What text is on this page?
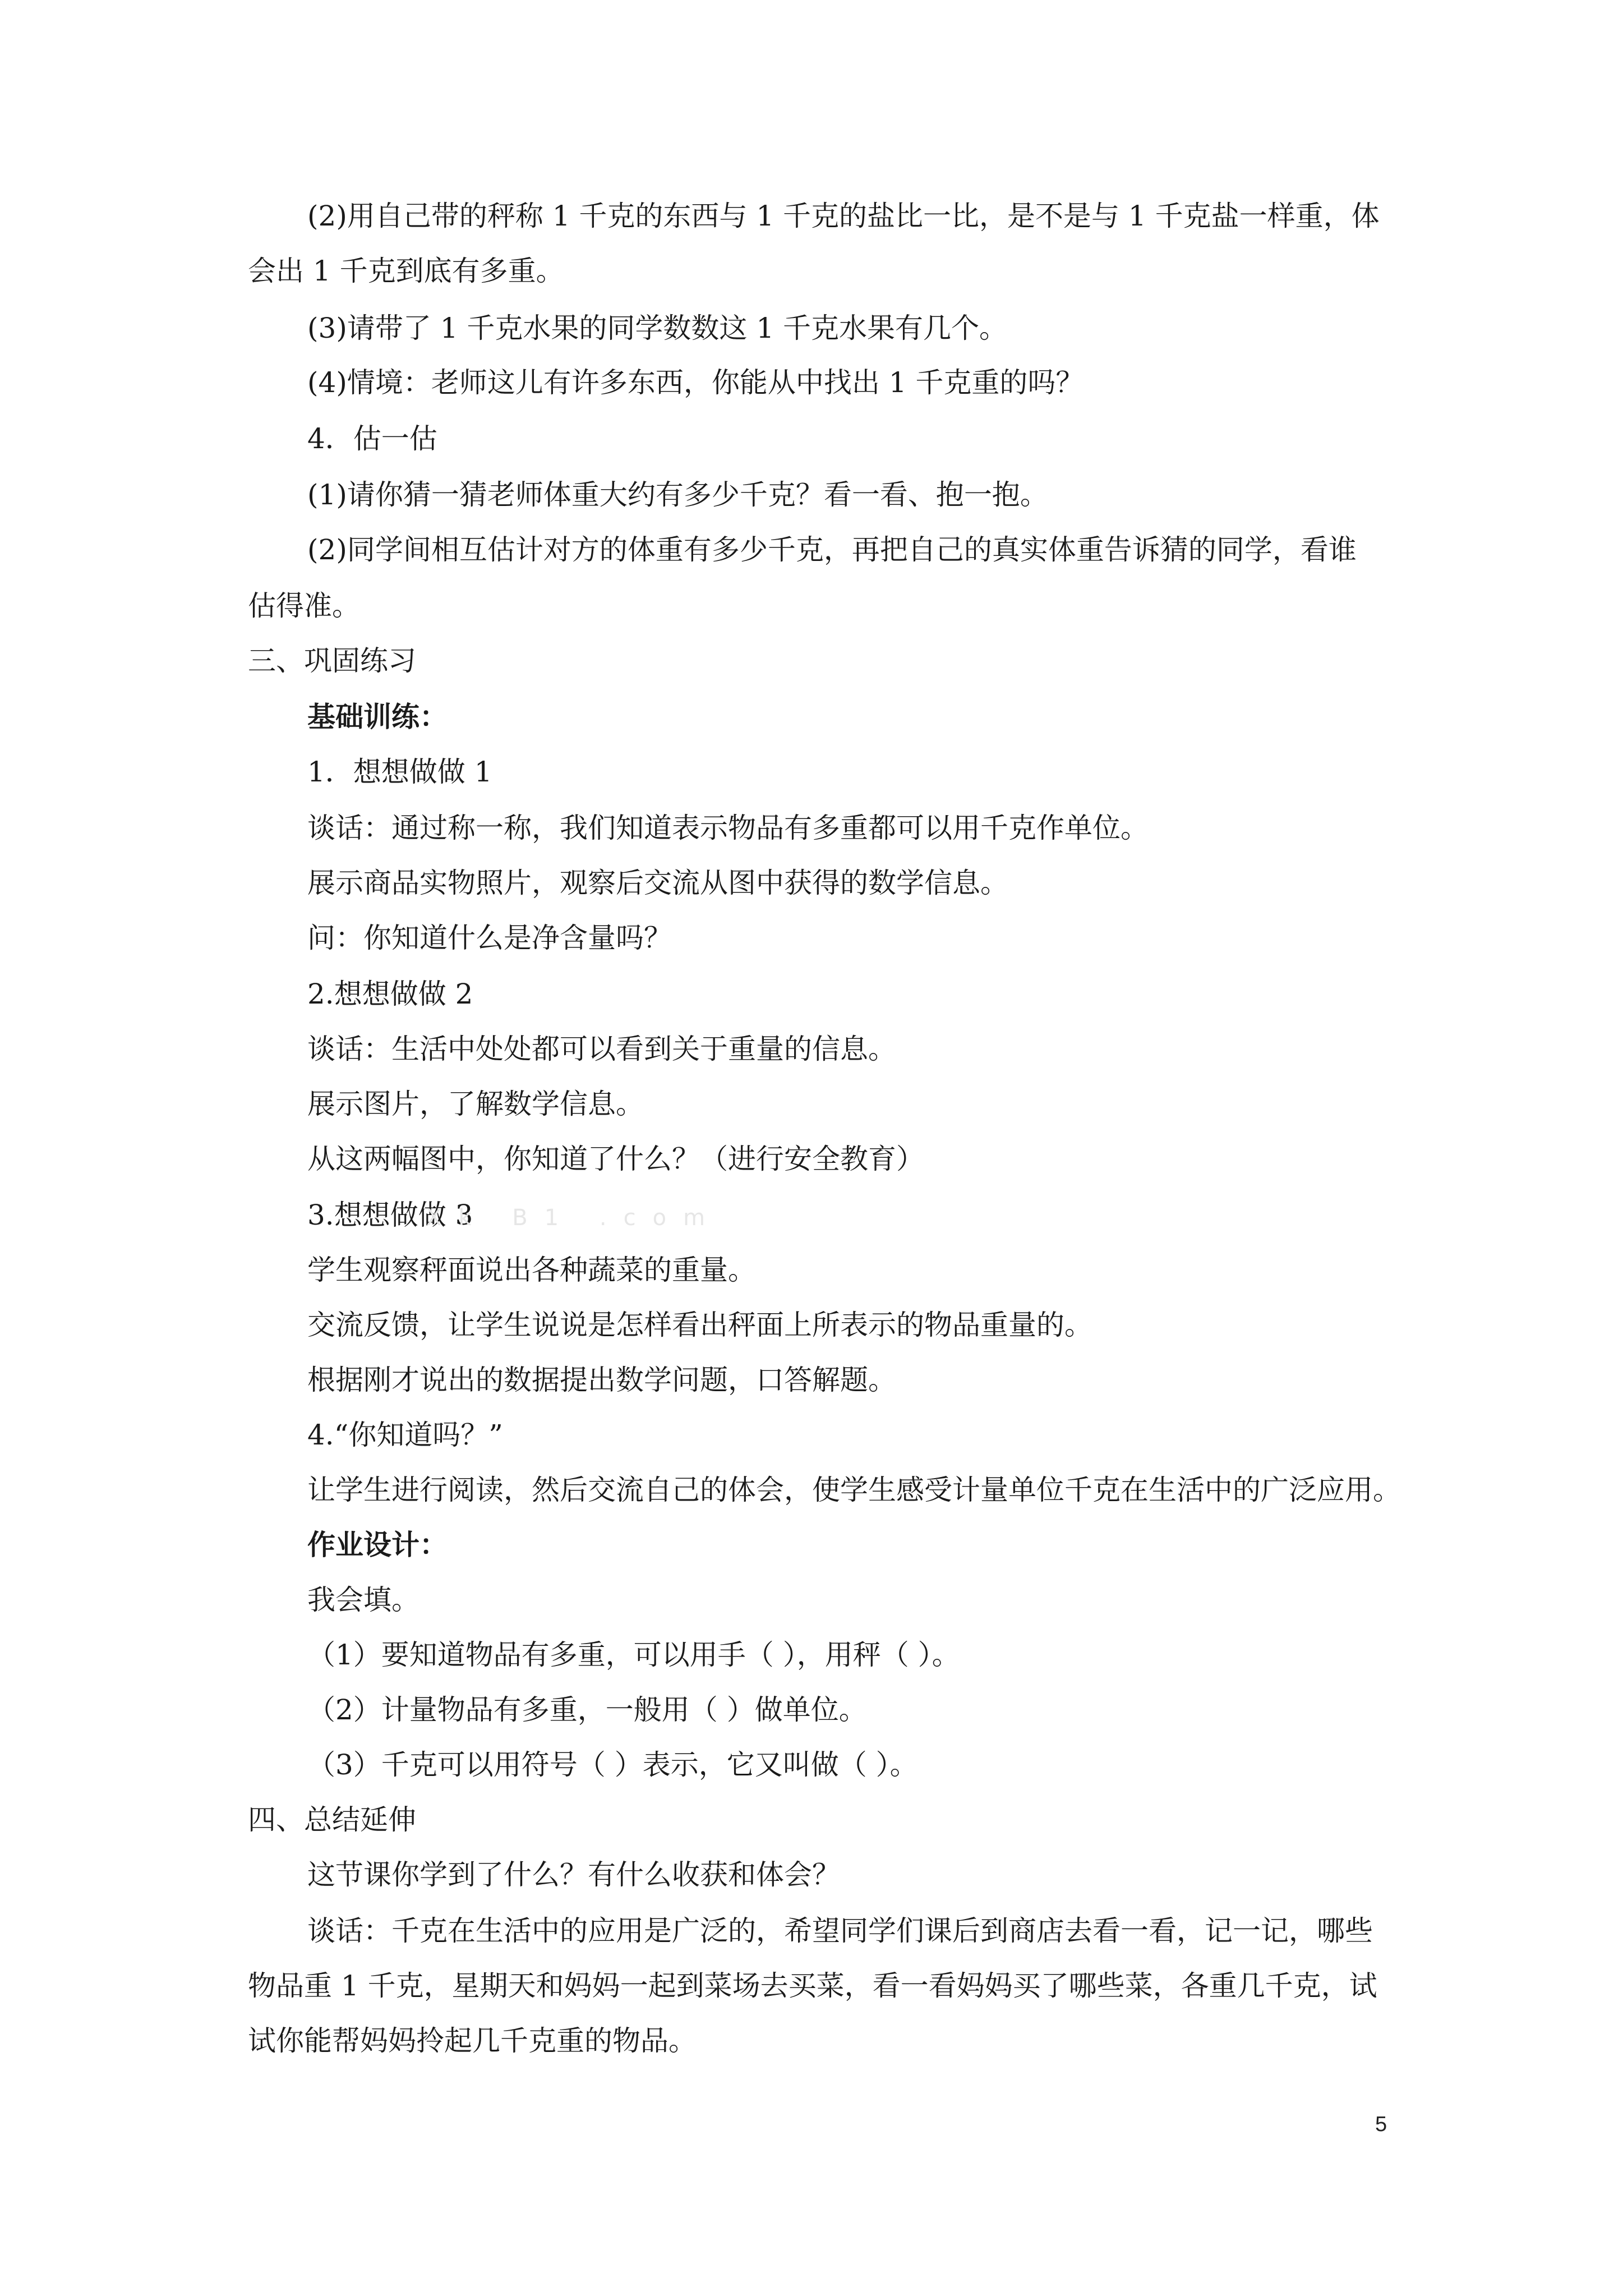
(2)用自己带的秤称 1 千克的东西与 1 千克的盐比一比，是不是与 1 千克盐一样重，体
会出 1 千克到底有多重。
(3)请带了 1 千克水果的同学数数这 1 千克水果有几个。
(4)情境：老师这儿有许多东西，你能从中找出 1 千克重的吗？
4．估一估
(1)请你猜一猜老师体重大约有多少千克？看一看、抱一抱。
(2)同学间相互估计对方的体重有多少千克，再把自己的真实体重告诉猜的同学，看谁
估得准。
三、巩固练习
基础训练：
1．想想做做 1
谈话：通过称一称，我们知道表示物品有多重都可以用千克作单位。
展示商品实物照片，观察后交流从图中获得的数学信息。
问：你知道什么是净含量吗？
2.想想做做 2
谈话：生活中处处都可以看到关于重量的信息。
展示图片，了解数学信息。
从这两幅图中，你知道了什么？（进行安全教育）
3.想想做做 3
Xk B1 .com
学生观察秤面说出各种蔬菜的重量。
交流反馈，让学生说说是怎样看出秤面上所表示的物品重量的。
根据刚才说出的数据提出数学问题，口答解题。
4.“你知道吗？”
让学生进行阅读，然后交流自己的体会，使学生感受计量单位千克在生活中的广泛应用。
作业设计：
我会填。
（1）要知道物品有多重，可以用手（ ），用秤（ ）。
（2）计量物品有多重，一般用（ ）做单位。
（3）千克可以用符号（ ）表示，它又叫做（ ）。
四、总结延伸
这节课你学到了什么？有什么收获和体会？
谈话：千克在生活中的应用是广泛的，希望同学们课后到商店去看一看，记一记，哪些
物品重 1 千克，星期天和妈妈一起到菜场去买菜，看一看妈妈买了哪些菜，各重几千克，试
试你能帮妈妈拎起几千克重的物品。
5
